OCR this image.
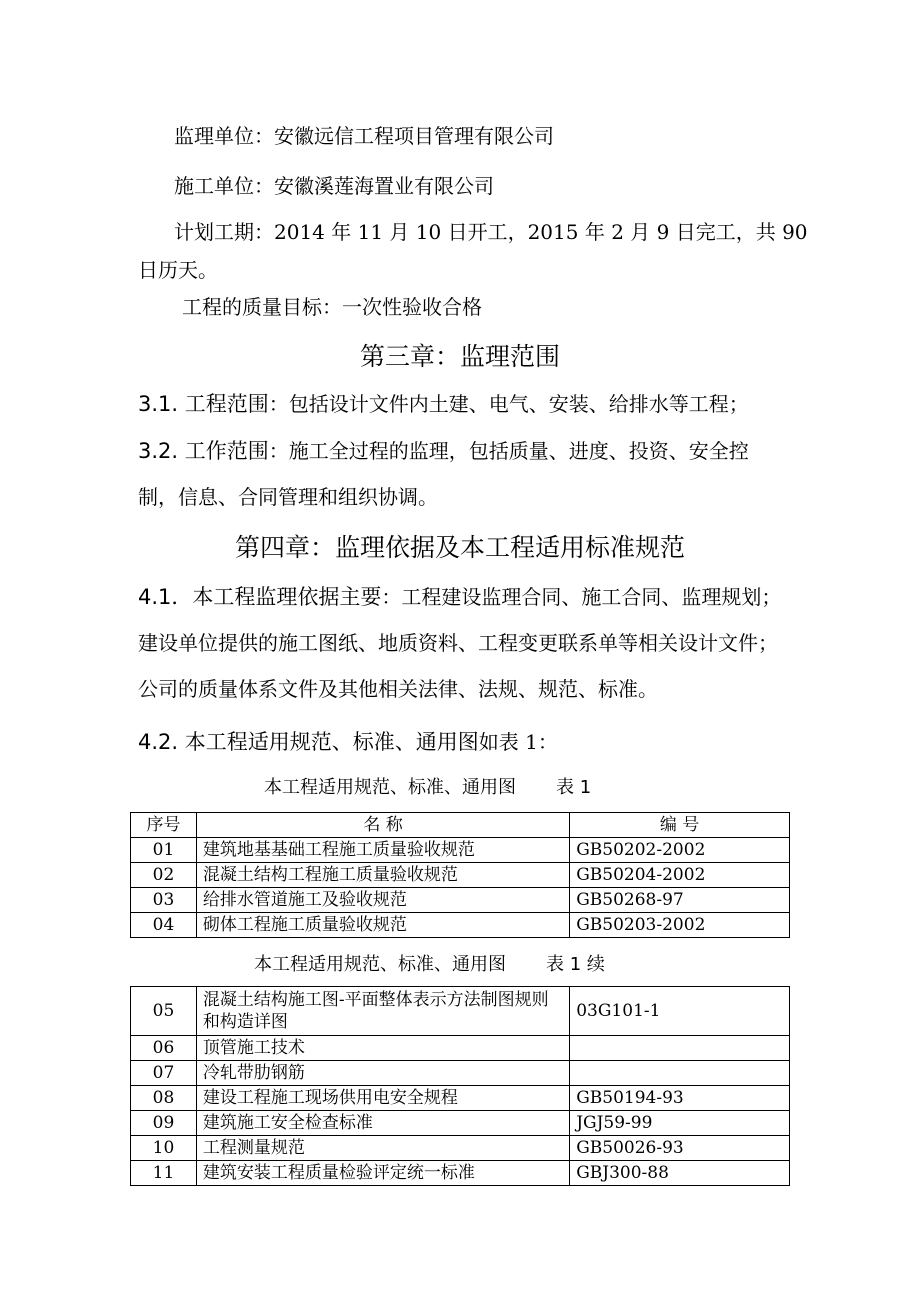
监理单位：安徽远信工程项目管理有限公司
施工单位：安徽溪莲海置业有限公司
计划工期：2014 年 11 月 10 日开工，2015 年 2 月 9 日完工，共 90
日历天。
工程的质量目标：一次性验收合格
第三章：监理范围
3.1. 工程范围：包括设计文件内土建、电气、安装、给排水等工程；
3.2. 工作范围：施工全过程的监理，包括质量、进度、投资、安全控制，信息、合同管理和组织协调。
第四章：监理依据及本工程适用标准规范
4.1．本工程监理依据主要：工程建设监理合同、施工合同、监理规划；建设单位提供的施工图纸、地质资料、工程变更联系单等相关设计文件；公司的质量体系文件及其他相关法律、法规、规范、标准。
4.2. 本工程适用规范、标准、通用图如表 1：
本工程适用规范、标准、通用图 表 1
序号	名 称	编 号
01	建筑地基基础工程施工质量验收规范	GB50202-2002
02	混凝土结构工程施工质量验收规范	GB50204-2002
03	给排水管道施工及验收规范	GB50268-97
04	砌体工程施工质量验收规范	GB50203-2002
本工程适用规范、标准、通用图 表 1 续
05	混凝土结构施工图-平面整体表示方法制图规则和构造详图	03G101-1
06	顶管施工技术	
07	冷轧带肋钢筋	
08	建设工程施工现场供用电安全规程	GB50194-93
09	建筑施工安全检查标准	JGJ59-99
10	工程测量规范	GB50026-93
11	建筑安装工程质量检验评定统一标准	GBJ300-88
